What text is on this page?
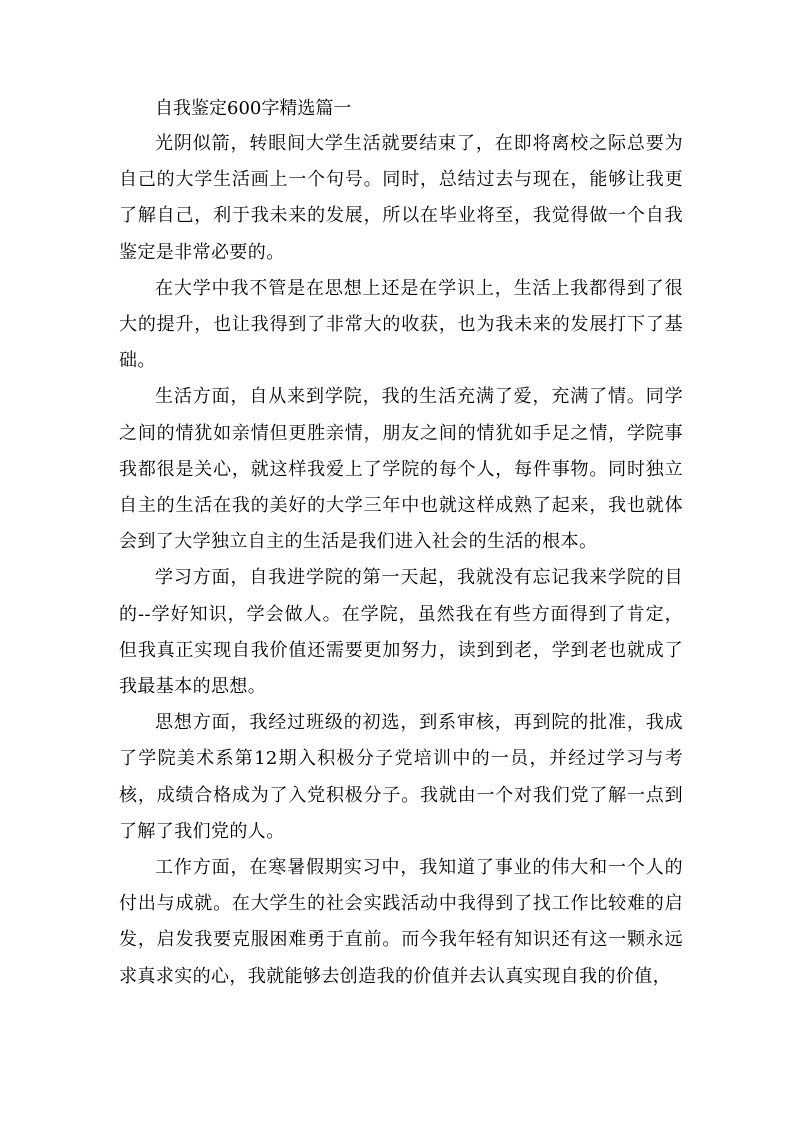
自我鉴定600字精选篇一

光阴似箭，转眼间大学生活就要结束了，在即将离校之际总要为自己的大学生活画上一个句号。同时，总结过去与现在，能够让我更了解自己，利于我未来的发展，所以在毕业将至，我觉得做一个自我鉴定是非常必要的。

在大学中我不管是在思想上还是在学识上，生活上我都得到了很大的提升，也让我得到了非常大的收获，也为我未来的发展打下了基础。

生活方面，自从来到学院，我的生活充满了爱，充满了情。同学之间的情犹如亲情但更胜亲情，朋友之间的情犹如手足之情，学院事我都很是关心，就这样我爱上了学院的每个人，每件事物。同时独立自主的生活在我的美好的大学三年中也就这样成熟了起来，我也就体会到了大学独立自主的生活是我们进入社会的生活的根本。

学习方面，自我进学院的第一天起，我就没有忘记我来学院的目的--学好知识，学会做人。在学院，虽然我在有些方面得到了肯定，但我真正实现自我价值还需要更加努力，读到到老，学到老也就成了我最基本的思想。

思想方面，我经过班级的初选，到系审核，再到院的批准，我成了学院美术系第12期入积极分子党培训中的一员，并经过学习与考核，成绩合格成为了入党积极分子。我就由一个对我们党了解一点到了解了我们党的人。

工作方面，在寒暑假期实习中，我知道了事业的伟大和一个人的付出与成就。在大学生的社会实践活动中我得到了找工作比较难的启发，启发我要克服困难勇于直前。而今我年轻有知识还有这一颗永远求真求实的心，我就能够去创造我的价值并去认真实现自我的价值，
